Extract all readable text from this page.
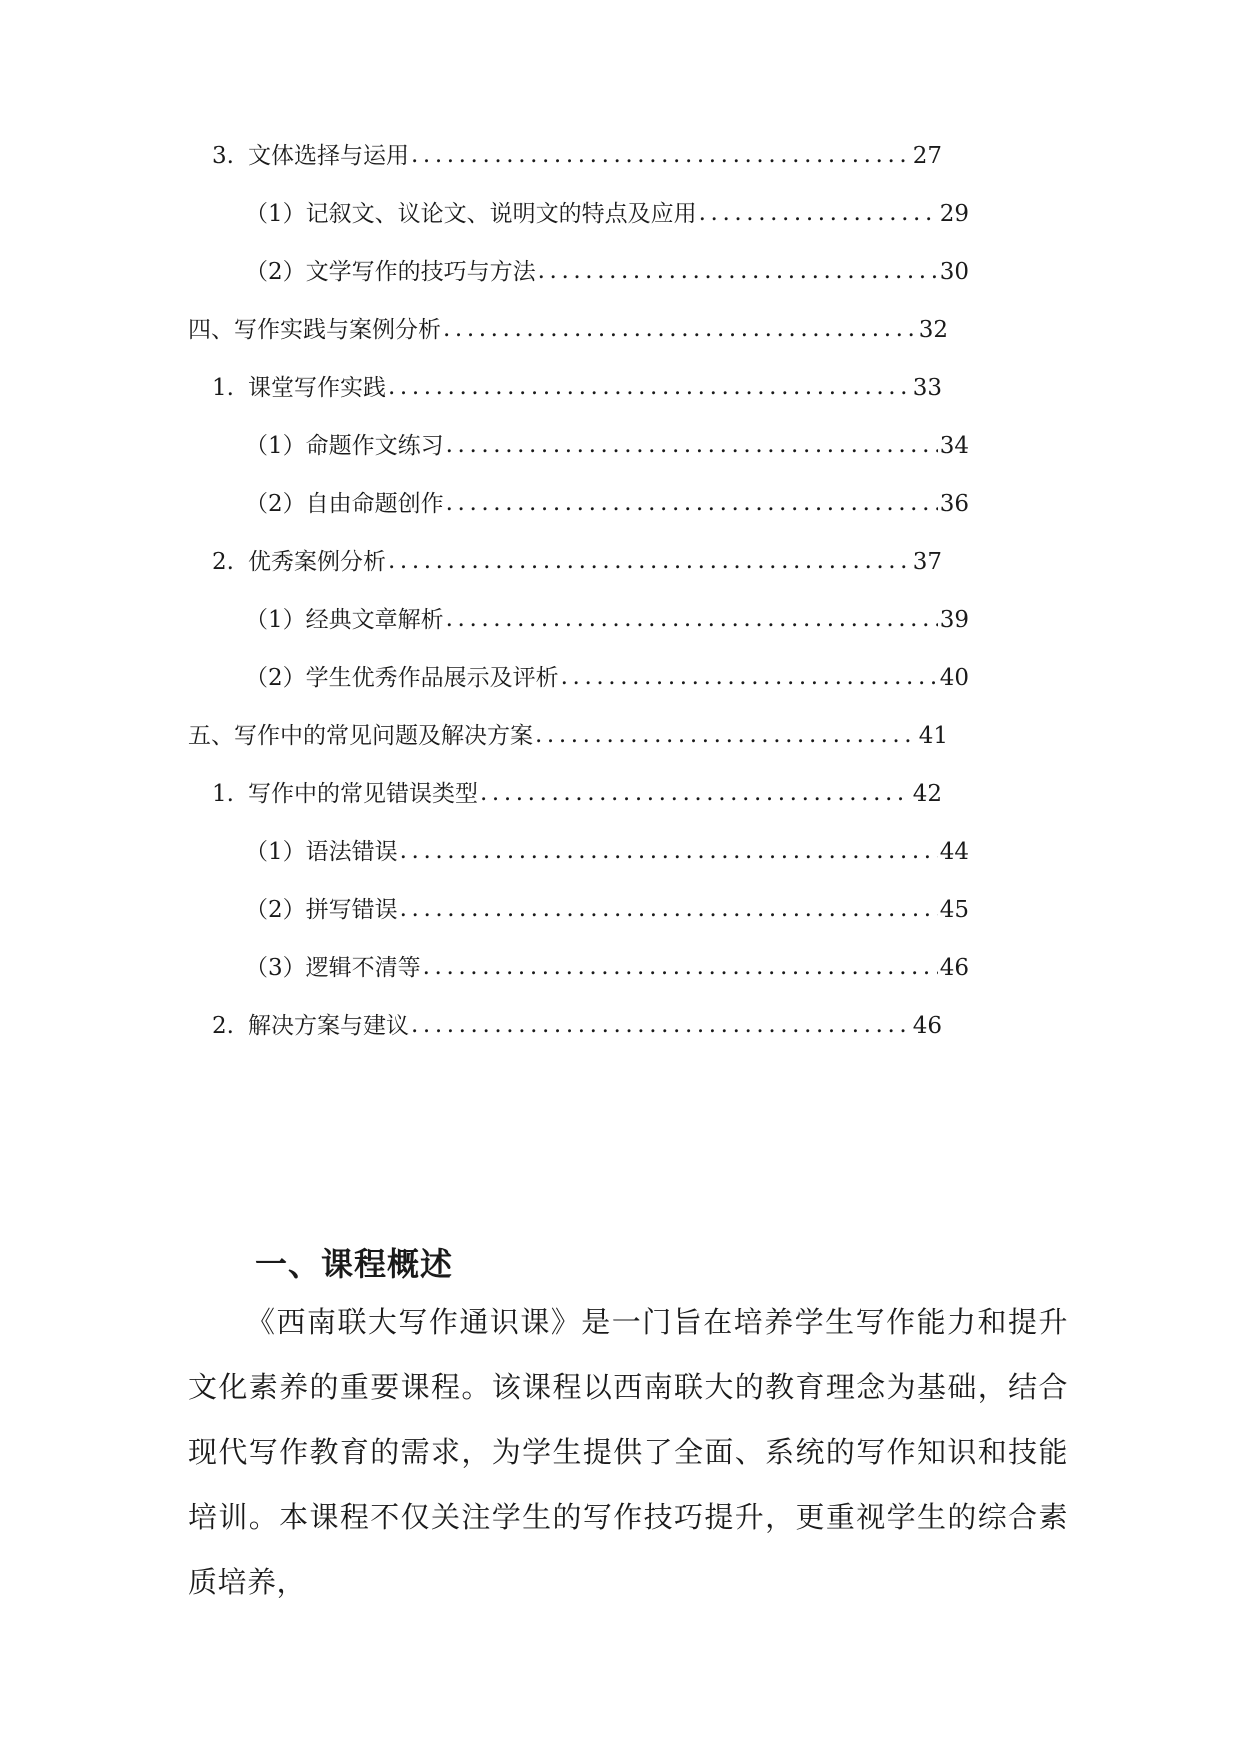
3. 文体选择与运用 .....	27
（1）记叙文、议论文、说明文的特点及应用 .....	29
（2）文学写作的技巧与方法 .....	30
四、写作实践与案例分析 .....	32
1. 课堂写作实践 .....	33
（1）命题作文练习 .....	34
（2）自由命题创作 .....	36
2. 优秀案例分析 .....	37
（1）经典文章解析 .....	39
（2）学生优秀作品展示及评析 .....	40
五、写作中的常见问题及解决方案 .....	41
1. 写作中的常见错误类型 .....	42
（1）语法错误 .....	44
（2）拼写错误 .....	45
（3）逻辑不清等 .....	46
2. 解决方案与建议 .....	46
一、课程概述

《西南联大写作通识课》是一门旨在培养学生写作能力和提升文化素养的重要课程。该课程以西南联大的教育理念为基础，结合现代写作教育的需求，为学生提供了全面、系统的写作知识和技能培训。本课程不仅关注学生的写作技巧提升，更重视学生的综合素质培养，
